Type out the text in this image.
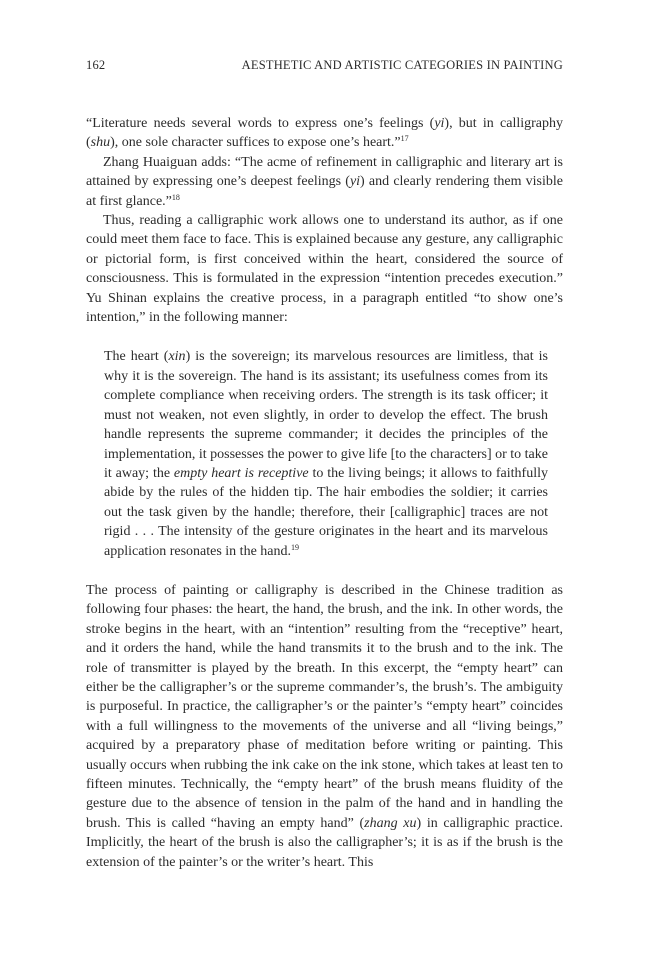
162	AESTHETIC AND ARTISTIC CATEGORIES IN PAINTING

“Literature needs several words to express one’s feelings (yi), but in calligraphy (shu), one sole character suffices to expose one’s heart.”$^{17}$

Zhang Huaiguan adds: “The acme of refinement in calligraphic and literary art is attained by expressing one’s deepest feelings (yi) and clearly rendering them visible at first glance.”$^{18}$

Thus, reading a calligraphic work allows one to understand its author, as if one could meet them face to face. This is explained because any gesture, any calligraphic or pictorial form, is first conceived within the heart, considered the source of consciousness. This is formulated in the expression “intention precedes execution.” Yu Shinan explains the creative process, in a paragraph entitled “to show one’s intention,” in the following manner:

The heart (xin) is the sovereign; its marvelous resources are limitless, that is why it is the sovereign. The hand is its assistant; its usefulness comes from its complete compliance when receiving orders. The strength is its task officer; it must not weaken, not even slightly, in order to develop the effect. The brush handle represents the supreme commander; it decides the principles of the implementation, it possesses the power to give life [to the characters] or to take it away; the empty heart is receptive to the living beings; it allows to faithfully abide by the rules of the hidden tip. The hair embodies the soldier; it carries out the task given by the handle; therefore, their [calligraphic] traces are not rigid . . . The intensity of the gesture originates in the heart and its marvelous application resonates in the hand.$^{19}$

The process of painting or calligraphy is described in the Chinese tradition as following four phases: the heart, the hand, the brush, and the ink. In other words, the stroke begins in the heart, with an “intention” resulting from the “receptive” heart, and it orders the hand, while the hand transmits it to the brush and to the ink. The role of transmitter is played by the breath. In this excerpt, the “empty heart” can either be the calligrapher’s or the supreme commander’s, the brush’s. The ambiguity is purposeful. In practice, the calligrapher’s or the painter’s “empty heart” coincides with a full willingness to the movements of the universe and all “living beings,” acquired by a preparatory phase of meditation before writing or painting. This usually occurs when rubbing the ink cake on the ink stone, which takes at least ten to fifteen minutes. Technically, the “empty heart” of the brush means fluidity of the gesture due to the absence of tension in the palm of the hand and in handling the brush. This is called “having an empty hand” (zhang xu) in calligraphic practice. Implicitly, the heart of the brush is also the calligrapher’s; it is as if the brush is the extension of the painter’s or the writer’s heart. This
